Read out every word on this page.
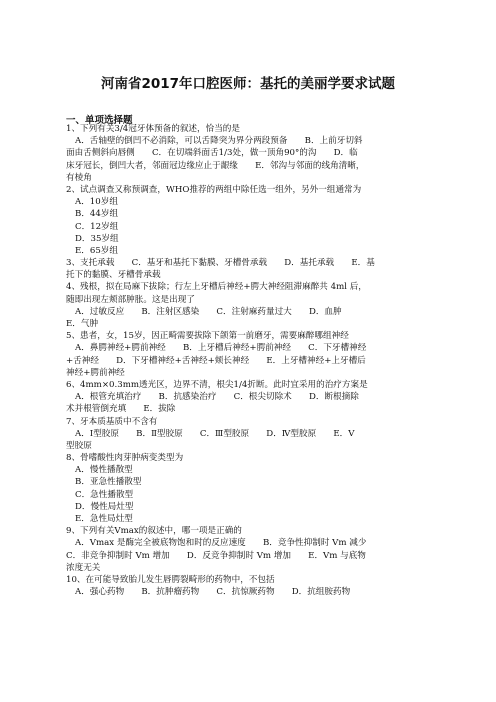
河南省2017年口腔医师：基托的美丽学要求试题
一、单项选择题
1、下列有关3/4冠牙体预备的叙述，恰当的是
A．舌轴壁的倒凹不必消除，可以舌降突为界分两段预备　　B．上前牙切斜
面由舌侧斜向唇侧　　C．在切端斜面舌1/3处，做一顶角90°的沟　　D．临
床牙冠长，倒凹大者，邻面冠边缘应止于龈缘　　E．邻沟与邻面的线角清晰，
有棱角
2、试点调查又称预调查，WHO推荐的两组中除任选一组外，另外一组通常为
A．10岁组
B．44岁组
C．12岁组
D．35岁组
E．65岁组
3、支托承载　　C．基牙和基托下黏膜、牙槽骨承载　　D．基托承载　　E．基
托下的黏膜、牙槽骨承载
4、残根，拟在局麻下拔除；行左上牙槽后神经+腭大神经阻滞麻醉共 4ml 后，
随即出现左颊部肿胀。这是出现了
A．过敏反应　　B．注射区感染　　C．注射麻药量过大　　D．血肿
E．气肿
5、患者，女，15岁，因正畸需要拔除下颌第一前磨牙，需要麻醉哪组神经
A．鼻腭神经+腭前神经　　B．上牙槽后神经+腭前神经　　C．下牙槽神经
+舌神经　　D．下牙槽神经+舌神经+颊长神经　　E．上牙槽神经+上牙槽后
神经+腭前神经
6、4mm×0.3mm透光区，边界不清，根尖1/4折断。此时宜采用的治疗方案是
A．根管充填治疗　　B．抗感染治疗　　C．根尖切除术　　D．断根摘除
术并根管倒充填　　E．拔除
7、牙本质基质中不含有
A．Ⅰ型胶原　　B．Ⅱ型胶原　　C．Ⅲ型胶原　　D．Ⅳ型胶原　　E．Ⅴ
型胶原
8、骨嗜酸性肉芽肿病变类型为
A．慢性播散型
B．亚急性播散型
C．急性播散型
D．慢性局灶型
E．急性局灶型
9、下列有关Vmax的叙述中，哪一项是正确的
A．Vmax 是酶完全被底物饱和时的反应速度　　B．竞争性抑制时 Vm 减少
C．非竞争抑制时 Vm 增加　　D．反竞争抑制时 Vm 增加　　E．Vm 与底物
浓度无关
10、在可能导致胎儿发生唇腭裂畸形的药物中，不包括
A．强心药物　　B．抗肿瘤药物　　C．抗惊厥药物　　D．抗组胺药物
